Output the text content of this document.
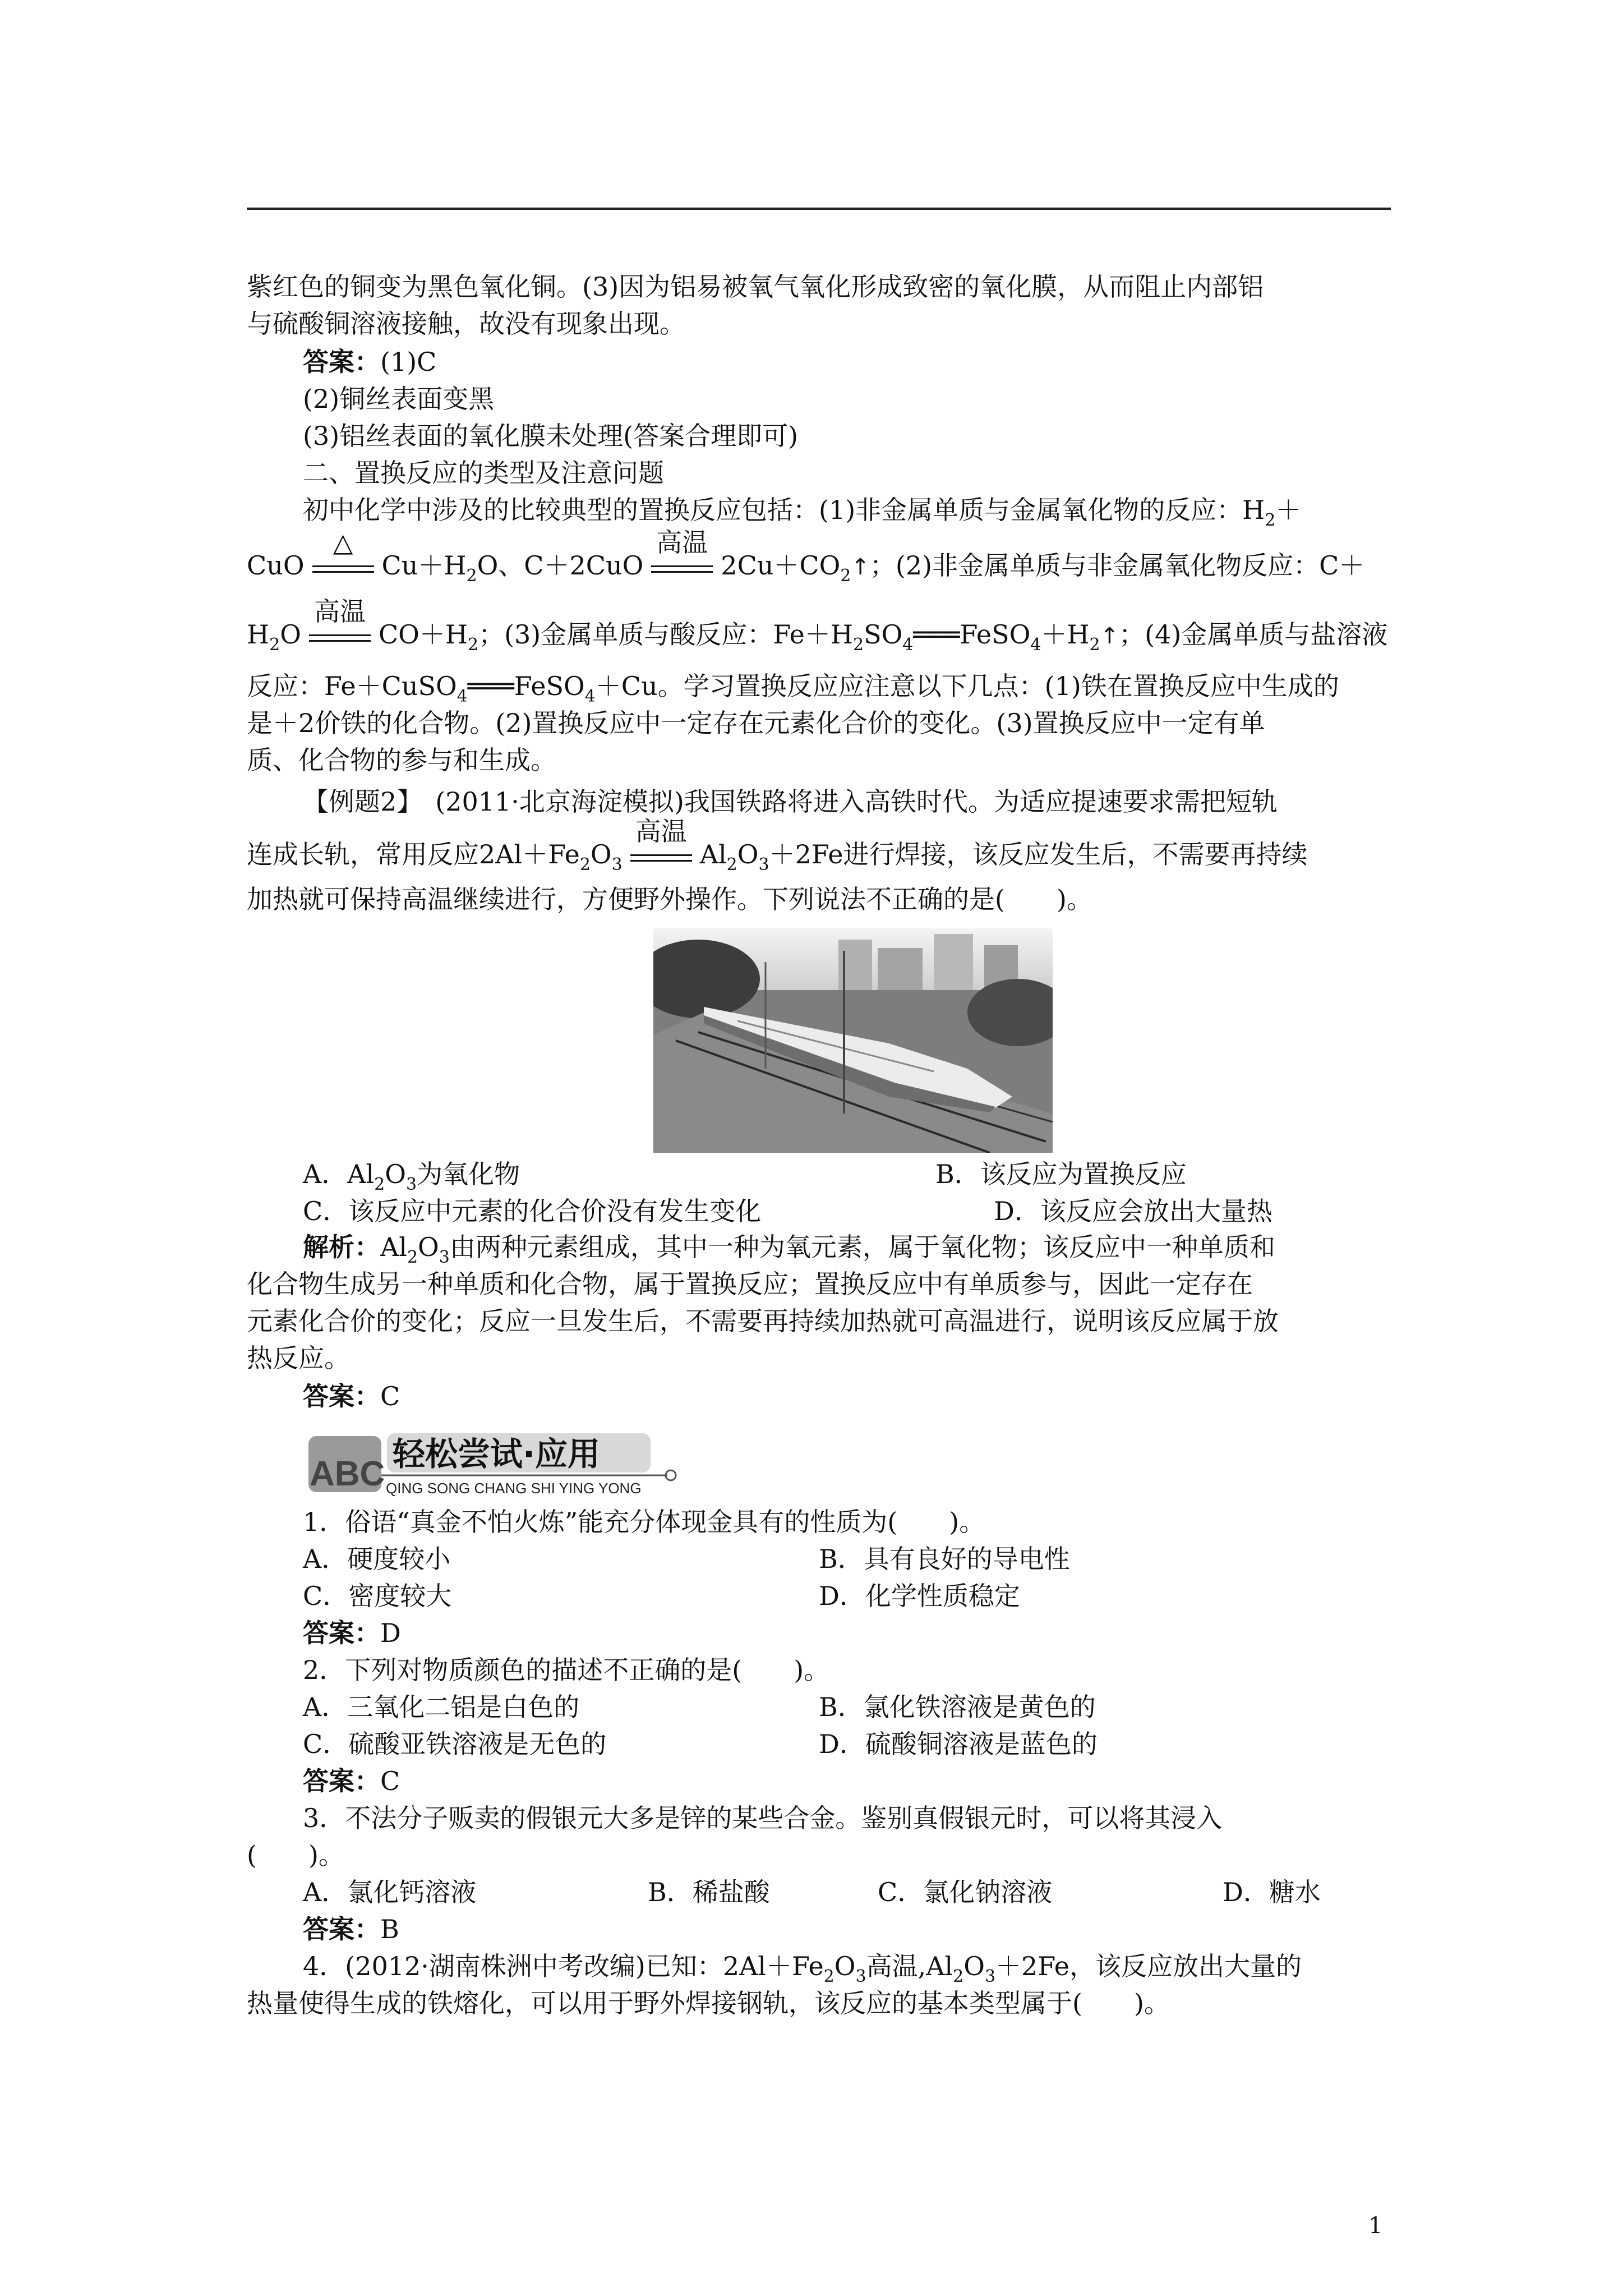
紫红色的铜变为黑色氧化铜。(3)因为铝易被氧气氧化形成致密的氧化膜，从而阻止内部铝
与硫酸铜溶液接触，故没有现象出现。
答案：(1)C
(2)铜丝表面变黑
(3)铝丝表面的氧化膜未处理(答案合理即可)
二、置换反应的类型及注意问题
初中化学中涉及的比较典型的置换反应包括：(1)非金属单质与金属氧化物的反应：$H_2+$
CuO
△
$Cu+H_2O$、C＋2CuO
高温
$2Cu+CO_2↑$；(2)非金属单质与非金属氧化物反应：C＋
$H_2O$
高温
$CO+H_2$；(3)金属单质与酸反应：$Fe+H_2SO_4═══FeSO_4+H_2↑$；(4)金属单质与盐溶液
反应：Fe＋CuSO$_4$═══FeSO$_4$＋Cu。学习置换反应应注意以下几点：(1)铁在置换反应中生成的
是＋2价铁的化合物。(2)置换反应中一定存在元素化合价的变化。(3)置换反应中一定有单
质、化合物的参与和生成。
【例题2】　(2011·北京海淀模拟)我国铁路将进入高铁时代。为适应提速要求需把短轨
连成长轨，常用反应$2Al+Fe_2O_3$
高温
$Al_2O_3+2Fe$进行焊接，该反应发生后，不需要再持续
加热就可保持高温继续进行，方便野外操作。下列说法不正确的是(　　)。
A．$Al_2O_3$为氧化物	B．该反应为置换反应
C．该反应中元素的化合价没有发生变化	D．该反应会放出大量热
解析：$Al_2O_3$由两种元素组成，其中一种为氧元素，属于氧化物；该反应中一种单质和
化合物生成另一种单质和化合物，属于置换反应；置换反应中有单质参与，因此一定存在
元素化合价的变化；反应一旦发生后，不需要再持续加热就可高温进行，说明该反应属于放
热反应。
答案：C
ABC
轻松尝试·应用
QING SONG CHANG SHI YING YONG
1．俗语“真金不怕火炼”能充分体现金具有的性质为(　　)。
A．硬度较小	B．具有良好的导电性
C．密度较大	D．化学性质稳定
答案：D
2．下列对物质颜色的描述不正确的是(　　)。
A．三氧化二铝是白色的	B．氯化铁溶液是黄色的
C．硫酸亚铁溶液是无色的	D．硫酸铜溶液是蓝色的
答案：C
3．不法分子贩卖的假银元大多是锌的某些合金。鉴别真假银元时，可以将其浸入
(　　)。
A．氯化钙溶液	B．稀盐酸	C．氯化钠溶液	D．糖水
答案：B
4．(2012·湖南株洲中考改编)已知：$2Al+Fe_2O_3$高温$,Al_2O_3+2Fe$，该反应放出大量的
热量使得生成的铁熔化，可以用于野外焊接钢轨，该反应的基本类型属于(　　)。
1
